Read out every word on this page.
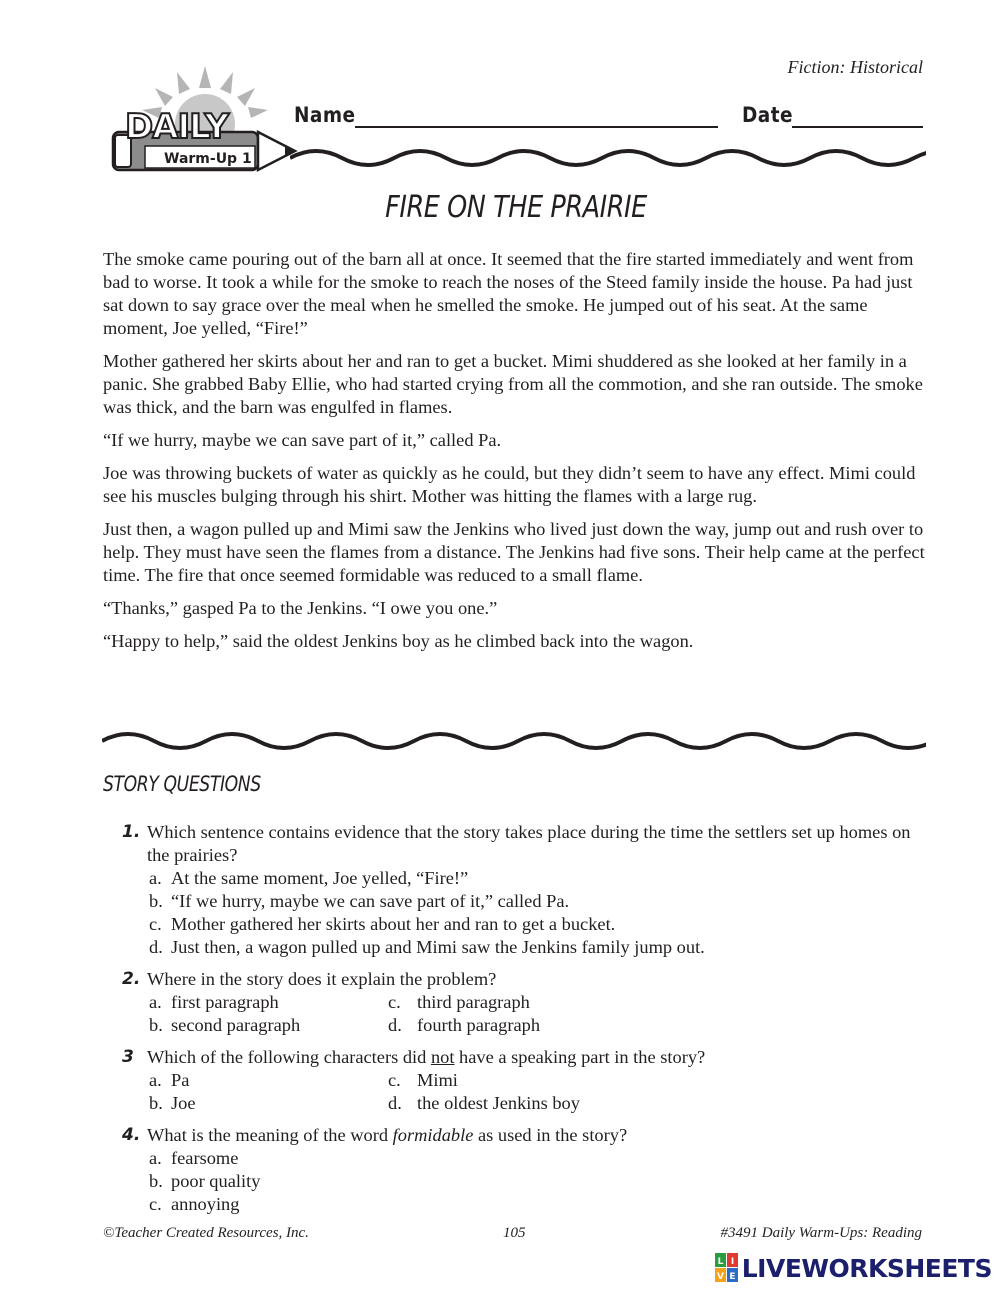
Fiction: Historical
DAILY
Warm-Up 1
Name	Date
FIRE ON THE PRAIRIE

The smoke came pouring out of the barn all at once. It seemed that the fire started immediately and went from bad to worse. It took a while for the smoke to reach the noses of the Steed family inside the house. Pa had just sat down to say grace over the meal when he smelled the smoke. He jumped out of his seat. At the same moment, Joe yelled, “Fire!”

Mother gathered her skirts about her and ran to get a bucket. Mimi shuddered as she looked at her family in a panic. She grabbed Baby Ellie, who had started crying from all the commotion, and she ran outside. The smoke was thick, and the barn was engulfed in flames.

“If we hurry, maybe we can save part of it,” called Pa.

Joe was throwing buckets of water as quickly as he could, but they didn’t seem to have any effect. Mimi could see his muscles bulging through his shirt. Mother was hitting the flames with a large rug.

Just then, a wagon pulled up and Mimi saw the Jenkins who lived just down the way, jump out and rush over to help. They must have seen the flames from a distance. The Jenkins had five sons. Their help came at the perfect time. The fire that once seemed formidable was reduced to a small flame.

“Thanks,” gasped Pa to the Jenkins. “I owe you one.”

“Happy to help,” said the oldest Jenkins boy as he climbed back into the wagon.

STORY QUESTIONS
1. Which sentence contains evidence that the story takes place during the time the settlers set up homes on the prairies?
a. At the same moment, Joe yelled, “Fire!”
b. “If we hurry, maybe we can save part of it,” called Pa.
c. Mother gathered her skirts about her and ran to get a bucket.
d. Just then, a wagon pulled up and Mimi saw the Jenkins family jump out.
2. Where in the story does it explain the problem?
a. first paragraph	c. third paragraph
b. second paragraph	d. fourth paragraph
3 Which of the following characters did not have a speaking part in the story?
a. Pa	c. Mimi
b. Joe	d. the oldest Jenkins boy
4. What is the meaning of the word formidable as used in the story?
a. fearsome
b. poor quality
c. annoying
©Teacher Created Resources, Inc.	105	#3491 Daily Warm-Ups: Reading
L I
V E LIVEWORKSHEETS
